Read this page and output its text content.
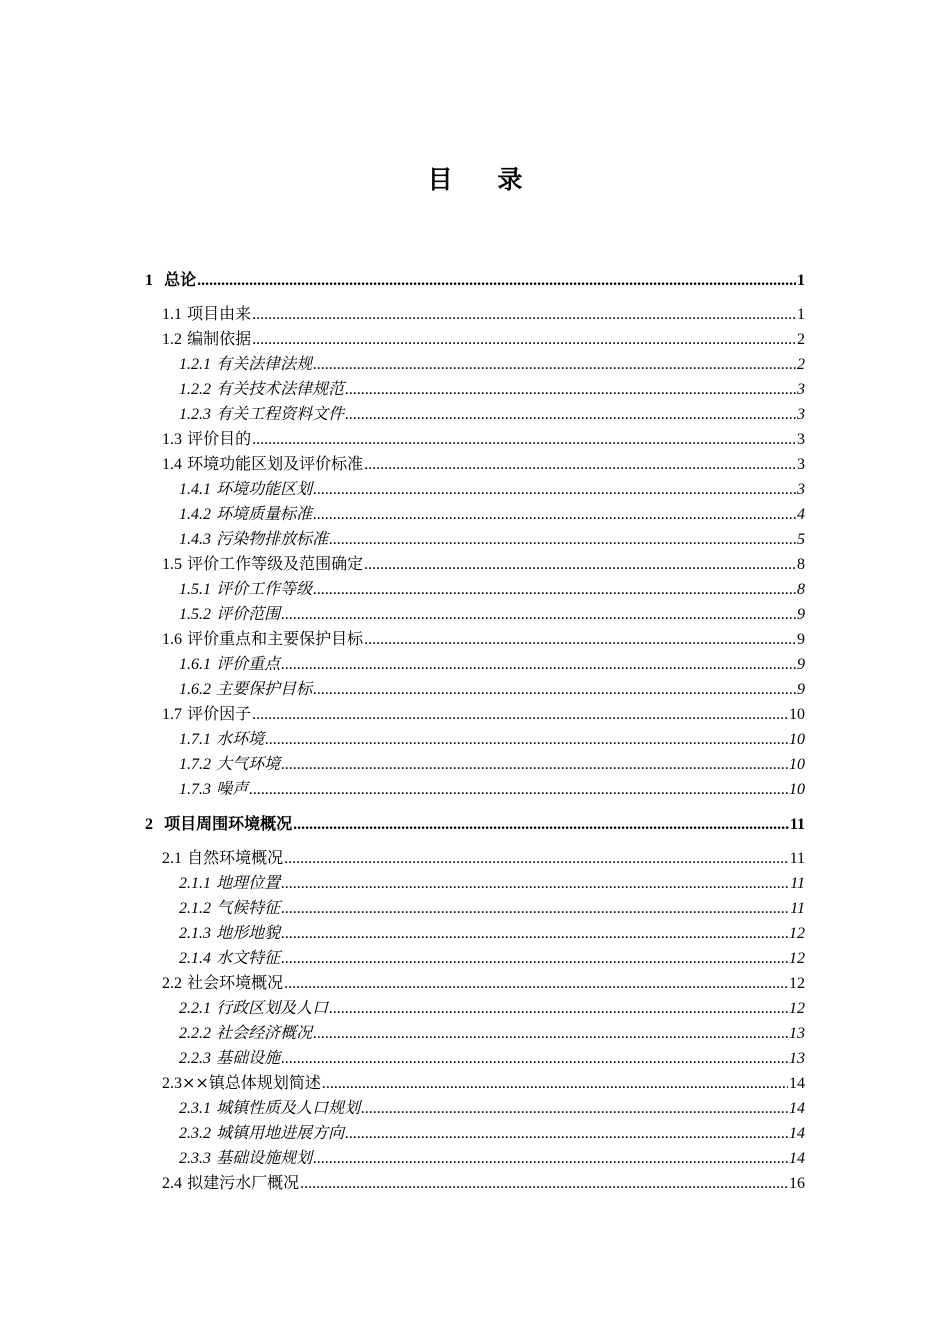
目 录
1 总论 .....	1
1.1 项目由来 .....	1
1.2 编制依据 .....	2
1.2.1 有关法律法规 .....	2
1.2.2 有关技术法律规范 .....	3
1.2.3 有关工程资料文件 .....	3
1.3 评价目的 .....	3
1.4 环境功能区划及评价标准 .....	3
1.4.1 环境功能区划 .....	3
1.4.2 环境质量标准 .....	4
1.4.3 污染物排放标准 .....	5
1.5 评价工作等级及范围确定 .....	8
1.5.1 评价工作等级 .....	8
1.5.2 评价范围 .....	9
1.6 评价重点和主要保护目标 .....	9
1.6.1 评价重点 .....	9
1.6.2 主要保护目标 .....	9
1.7 评价因子 .....	10
1.7.1 水环境 .....	10
1.7.2 大气环境 .....	10
1.7.3 噪声 .....	10
2 项目周围环境概况 .....	11
2.1 自然环境概况 .....	11
2.1.1 地理位置 .....	11
2.1.2 气候特征 .....	11
2.1.3 地形地貌 .....	12
2.1.4 水文特征 .....	12
2.2 社会环境概况 .....	12
2.2.1 行政区划及人口 .....	12
2.2.2 社会经济概况 .....	13
2.2.3 基础设施 .....	13
2.3××镇总体规划简述 .....	14
2.3.1 城镇性质及人口规划 .....	14
2.3.2 城镇用地进展方向 .....	14
2.3.3 基础设施规划 .....	14
2.4 拟建污水厂概况 .....	16
